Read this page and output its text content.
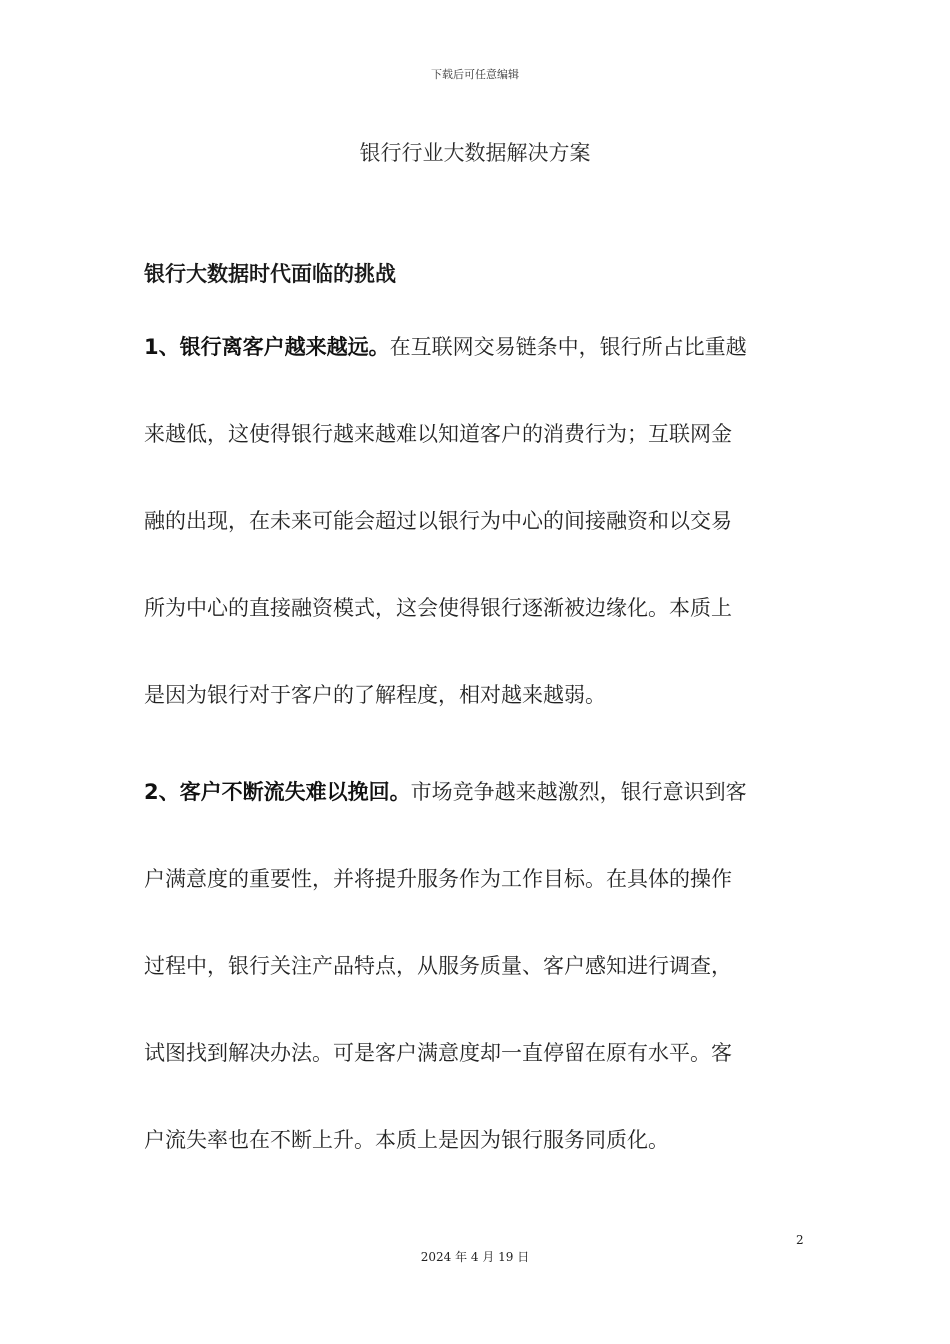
下载后可任意编辑
银行行业大数据解决方案
银行大数据时代面临的挑战
1、银行离客户越来越远。在互联网交易链条中，银行所占比重越
来越低，这使得银行越来越难以知道客户的消费行为；互联网金
融的出现，在未来可能会超过以银行为中心的间接融资和以交易
所为中心的直接融资模式，这会使得银行逐渐被边缘化。本质上
是因为银行对于客户的了解程度，相对越来越弱。
2、客户不断流失难以挽回。市场竞争越来越激烈，银行意识到客
户满意度的重要性，并将提升服务作为工作目标。在具体的操作
过程中，银行关注产品特点，从服务质量、客户感知进行调查，
试图找到解决办法。可是客户满意度却一直停留在原有水平。客
户流失率也在不断上升。本质上是因为银行服务同质化。
2
2024 年 4 月 19 日
